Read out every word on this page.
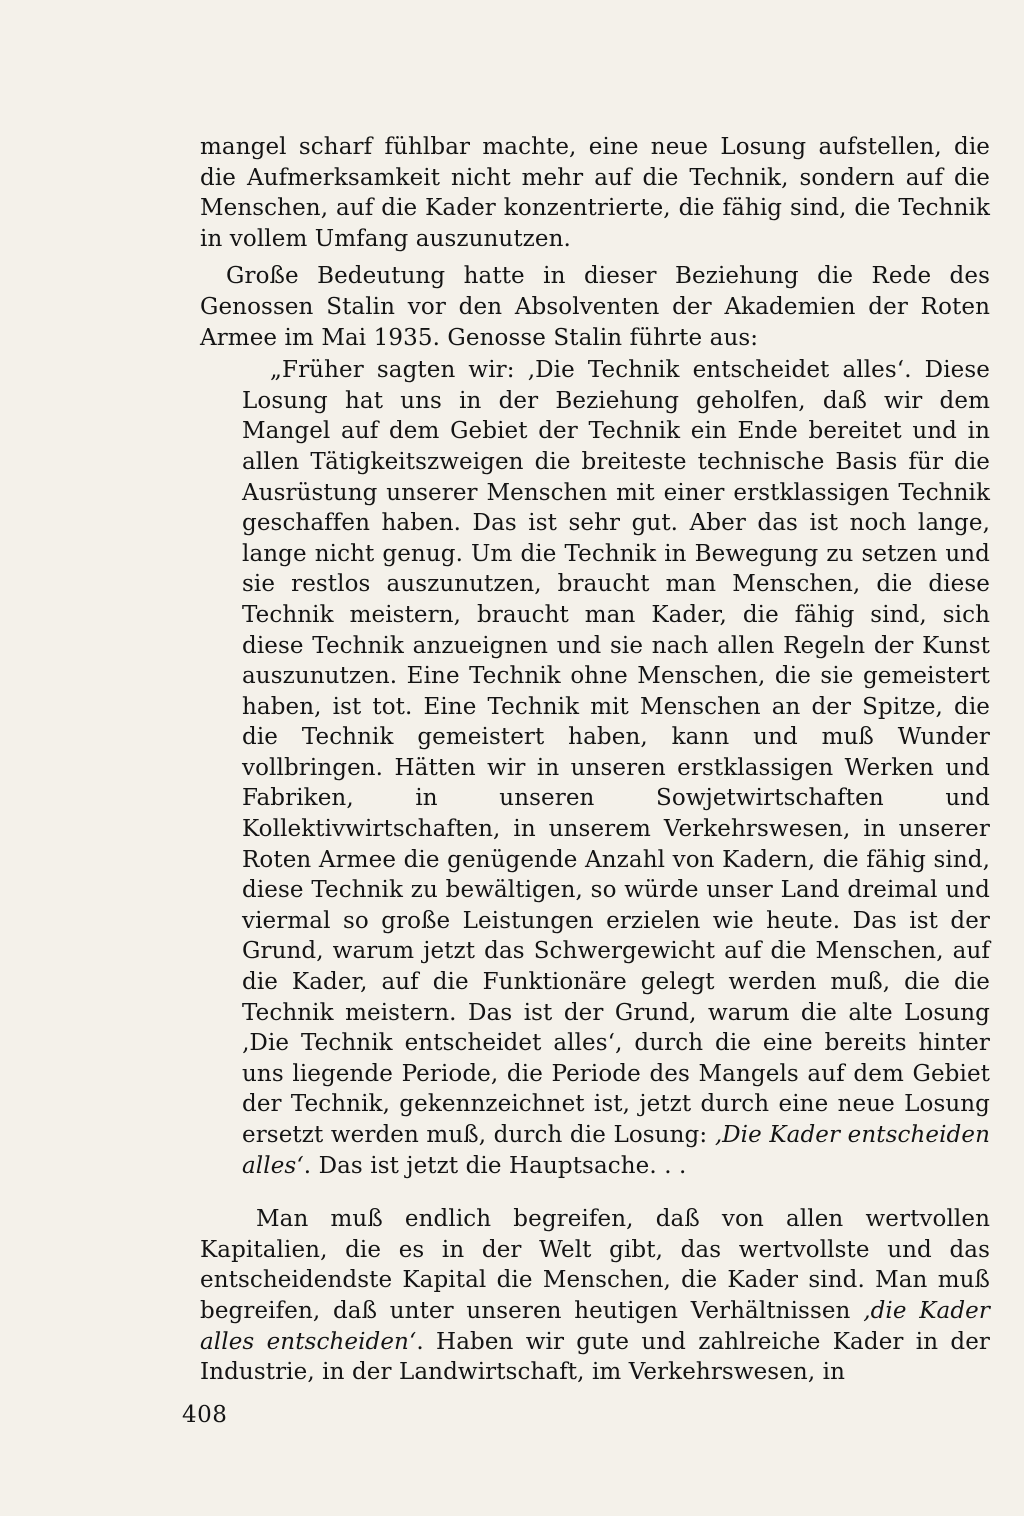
mangel scharf fühlbar machte, eine neue Losung aufstellen, die die Aufmerksamkeit nicht mehr auf die Technik, sondern auf die Menschen, auf die Kader konzentrierte, die fähig sind, die Technik in vollem Umfang auszunutzen.

Große Bedeutung hatte in dieser Beziehung die Rede des Genossen Stalin vor den Absolventen der Akademien der Roten Armee im Mai 1935. Genosse Stalin führte aus:

„Früher sagten wir: ‚Die Technik entscheidet alles‘. Diese Losung hat uns in der Beziehung geholfen, daß wir dem Mangel auf dem Gebiet der Technik ein Ende bereitet und in allen Tätigkeitszweigen die breiteste technische Basis für die Ausrüstung unserer Menschen mit einer erstklassigen Technik geschaffen haben. Das ist sehr gut. Aber das ist noch lange, lange nicht genug. Um die Technik in Bewegung zu setzen und sie restlos auszunutzen, braucht man Menschen, die diese Technik meistern, braucht man Kader, die fähig sind, sich diese Technik anzueignen und sie nach allen Regeln der Kunst auszunutzen. Eine Technik ohne Menschen, die sie gemeistert haben, ist tot. Eine Technik mit Menschen an der Spitze, die die Technik gemeistert haben, kann und muß Wunder vollbringen. Hätten wir in unseren erstklassigen Werken und Fabriken, in unseren Sowjetwirtschaften und Kollektivwirtschaften, in unserem Verkehrswesen, in unserer Roten Armee die genügende Anzahl von Kadern, die fähig sind, diese Technik zu bewältigen, so würde unser Land dreimal und viermal so große Leistungen erzielen wie heute. Das ist der Grund, warum jetzt das Schwergewicht auf die Menschen, auf die Kader, auf die Funktionäre gelegt werden muß, die die Technik meistern. Das ist der Grund, warum die alte Losung ‚Die Technik entscheidet alles‘, durch die eine bereits hinter uns liegende Periode, die Periode des Mangels auf dem Gebiet der Technik, gekennzeichnet ist, jetzt durch eine neue Losung ersetzt werden muß, durch die Losung: ‚Die Kader entscheiden alles‘. Das ist jetzt die Hauptsache. . .

Man muß endlich begreifen, daß von allen wertvollen Kapitalien, die es in der Welt gibt, das wertvollste und das entscheidendste Kapital die Menschen, die Kader sind. Man muß begreifen, daß unter unseren heutigen Verhältnissen ‚die Kader alles entscheiden‘. Haben wir gute und zahlreiche Kader in der Industrie, in der Landwirtschaft, im Verkehrswesen, in

408
